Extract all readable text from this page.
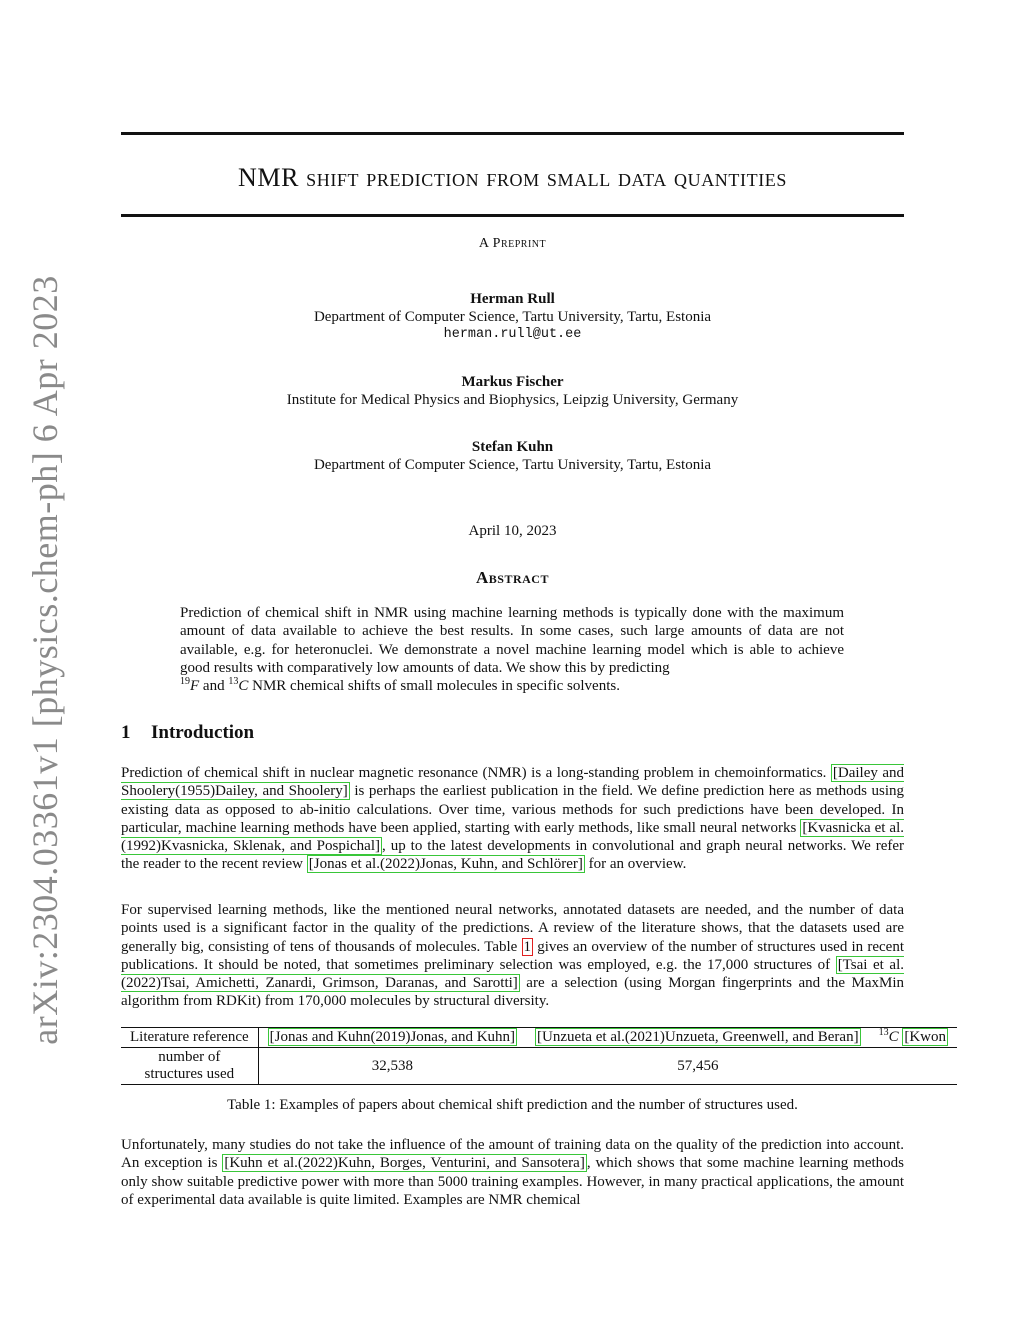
arXiv:2304.03361v1 [physics.chem-ph] 6 Apr 2023
NMR shift prediction from small data quantities
A Preprint
Herman Rull
Department of Computer Science, Tartu University, Tartu, Estonia
herman.rull@ut.ee
Markus Fischer
Institute for Medical Physics and Biophysics, Leipzig University, Germany
Stefan Kuhn
Department of Computer Science, Tartu University, Tartu, Estonia
April 10, 2023
Abstract
Prediction of chemical shift in NMR using machine learning methods is typically done with the maximum amount of data available to achieve the best results. In some cases, such large amounts of data are not available, e.g. for heteronuclei. We demonstrate a novel machine learning model which is able to achieve good results with comparatively low amounts of data. We show this by predicting
$^{19}$F and $^{13}$C NMR chemical shifts of small molecules in specific solvents.
1 Introduction
Prediction of chemical shift in nuclear magnetic resonance (NMR) is a long-standing problem in chemoinformatics. [Dailey and Shoolery(1955)Dailey, and Shoolery] is perhaps the earliest publication in the field. We define prediction here as methods using existing data as opposed to ab-initio calculations. Over time, various methods for such predictions have been developed. In particular, machine learning methods have been applied, starting with early methods, like small neural networks [Kvasnicka et al.(1992)Kvasnicka, Sklenak, and Pospichal] , up to the latest developments in convolutional and graph neural networks. We refer the reader to the recent review [Jonas et al.(2022)Jonas, Kuhn, and Schlörer] for an overview.
For supervised learning methods, like the mentioned neural networks, annotated datasets are needed, and the number of data points used is a significant factor in the quality of the predictions. A review of the literature shows, that the datasets used are generally big, consisting of tens of thousands of molecules. Table 1 gives an overview of the number of structures used in recent publications. It should be noted, that sometimes preliminary selection was employed, e.g. the 17,000 structures of [Tsai et al.(2022)Tsai, Amichetti, Zanardi, Grimson, Daranas, and Sarotti] are a selection (using Morgan fingerprints and the MaxMin algorithm from RDKit) from 170,000 molecules by structural diversity.
Literature reference	[Jonas and Kuhn(2019)Jonas, and Kuhn]	[Unzueta et al.(2021)Unzueta, Greenwell, and Beran]	$^{13}$C [Kwon

number of
structures used	32,538	57,456	
Table 1: Examples of papers about chemical shift prediction and the number of structures used.
Unfortunately, many studies do not take the influence of the amount of training data on the quality of the prediction into account. An exception is [Kuhn et al.(2022)Kuhn, Borges, Venturini, and Sansotera] , which shows that some machine learning methods only show suitable predictive power with more than 5000 training examples. However, in many practical applications, the amount of experimental data available is quite limited. Examples are NMR chemical
